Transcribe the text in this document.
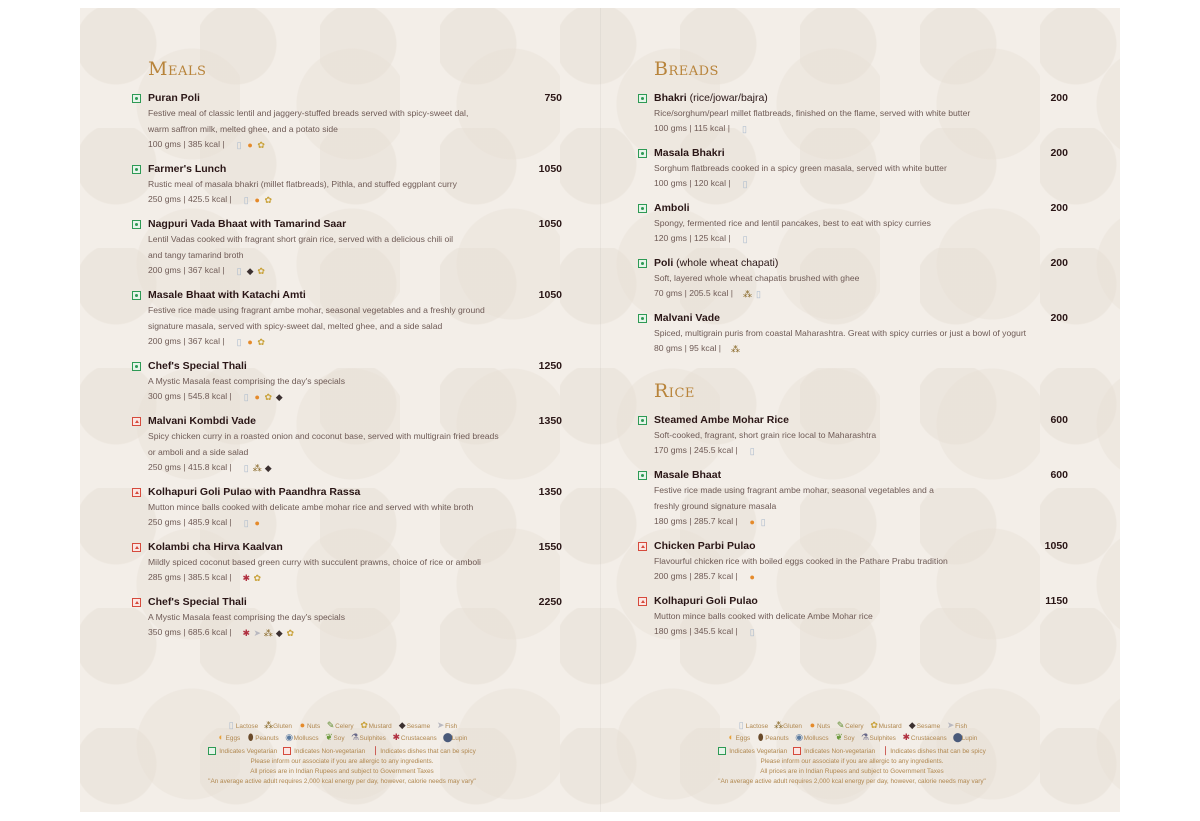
Meals
Puran Poli	750
Festive meal of classic lentil and jaggery-stuffed breads served with spicy-sweet dal,
warm saffron milk, melted ghee, and a potato side
100 gms | 385 kcal | ▯ ● ✿
Farmer's Lunch	1050
Rustic meal of masala bhakri (millet flatbreads), Pithla, and stuffed eggplant curry
250 gms | 425.5 kcal | ▯ ● ✿
Nagpuri Vada Bhaat with Tamarind Saar	1050
Lentil Vadas cooked with fragrant short grain rice, served with a delicious chili oil
and tangy tamarind broth
200 gms | 367 kcal | ▯ ◆ ✿
Masale Bhaat with Katachi Amti	1050
Festive rice made using fragrant ambe mohar, seasonal vegetables and a freshly ground
signature masala, served with spicy-sweet dal, melted ghee, and a side salad
200 gms | 367 kcal | ▯ ● ✿
Chef's Special Thali	1250
A Mystic Masala feast comprising the day's specials
300 gms | 545.8 kcal | ▯ ● ✿ ◆
Malvani Kombdi Vade	1350
Spicy chicken curry in a roasted onion and coconut base, served with multigrain fried breads
or amboli and a side salad
250 gms | 415.8 kcal | ▯ ⁂ ◆
Kolhapuri Goli Pulao with Paandhra Rassa	1350
Mutton mince balls cooked with delicate ambe mohar rice and served with white broth
250 gms | 485.9 kcal | ▯ ●
Kolambi cha Hirva Kaalvan	1550
Mildly spiced coconut based green curry with succulent prawns, choice of rice or amboli
285 gms | 385.5 kcal | ✱ ✿
Chef's Special Thali	2250
A Mystic Masala feast comprising the day's specials
350 gms | 685.6 kcal | ✱ ➤ ⁂ ◆ ✿
Breads
Bhakri (rice/jowar/bajra)	200
Rice/sorghum/pearl millet flatbreads, finished on the flame, served with white butter
100 gms | 115 kcal | ▯
Masala Bhakri	200
Sorghum flatbreads cooked in a spicy green masala, served with white butter
100 gms | 120 kcal | ▯
Amboli	200
Spongy, fermented rice and lentil pancakes, best to eat with spicy curries
120 gms | 125 kcal | ▯
Poli (whole wheat chapati)	200
Soft, layered whole wheat chapatis brushed with ghee
70 gms | 205.5 kcal | ⁂ ▯
Malvani Vade	200
Spiced, multigrain puris from coastal Maharashtra. Great with spicy curries or just a bowl of yogurt
80 gms | 95 kcal | ⁂
Rice
Steamed Ambe Mohar Rice	600
Soft-cooked, fragrant, short grain rice local to Maharashtra
170 gms | 245.5 kcal | ▯
Masale Bhaat	600
Festive rice made using fragrant ambe mohar, seasonal vegetables and a
freshly ground signature masala
180 gms | 285.7 kcal | ● ▯
Chicken Parbi Pulao	1050
Flavourful chicken rice with boiled eggs cooked in the Pathare Prabu tradition
200 gms | 285.7 kcal | ●
Kolhapuri Goli Pulao	1150
Mutton mince balls cooked with delicate Ambe Mohar rice
180 gms | 345.5 kcal | ▯
▯ Lactose ⁂Gluten ● Nuts ✎Celery ✿Mustard ◆Sesame ➤Fish
◐ Eggs ⬮ Peanuts ◉Molluscs ❦Soy ⚗Sulphites ✱Crustaceans ⬤Lupin
Indicates Vegetarian	Indicates Non-vegetarian ❘Indicates dishes that can be spicy
Please inform our associate if you are allergic to any ingredients.
All prices are in Indian Rupees and subject to Government Taxes
"An average active adult requires 2,000 kcal energy per day, however, calorie needs may vary"
▯ Lactose ⁂Gluten ● Nuts ✎Celery ✿Mustard ◆Sesame ➤Fish
◐ Eggs ⬮ Peanuts ◉Molluscs ❦Soy ⚗Sulphites ✱Crustaceans ⬤Lupin
Indicates Vegetarian	Indicates Non-vegetarian ❘Indicates dishes that can be spicy
Please inform our associate if you are allergic to any ingredients.
All prices are in Indian Rupees and subject to Government Taxes
"An average active adult requires 2,000 kcal energy per day, however, calorie needs may vary"
